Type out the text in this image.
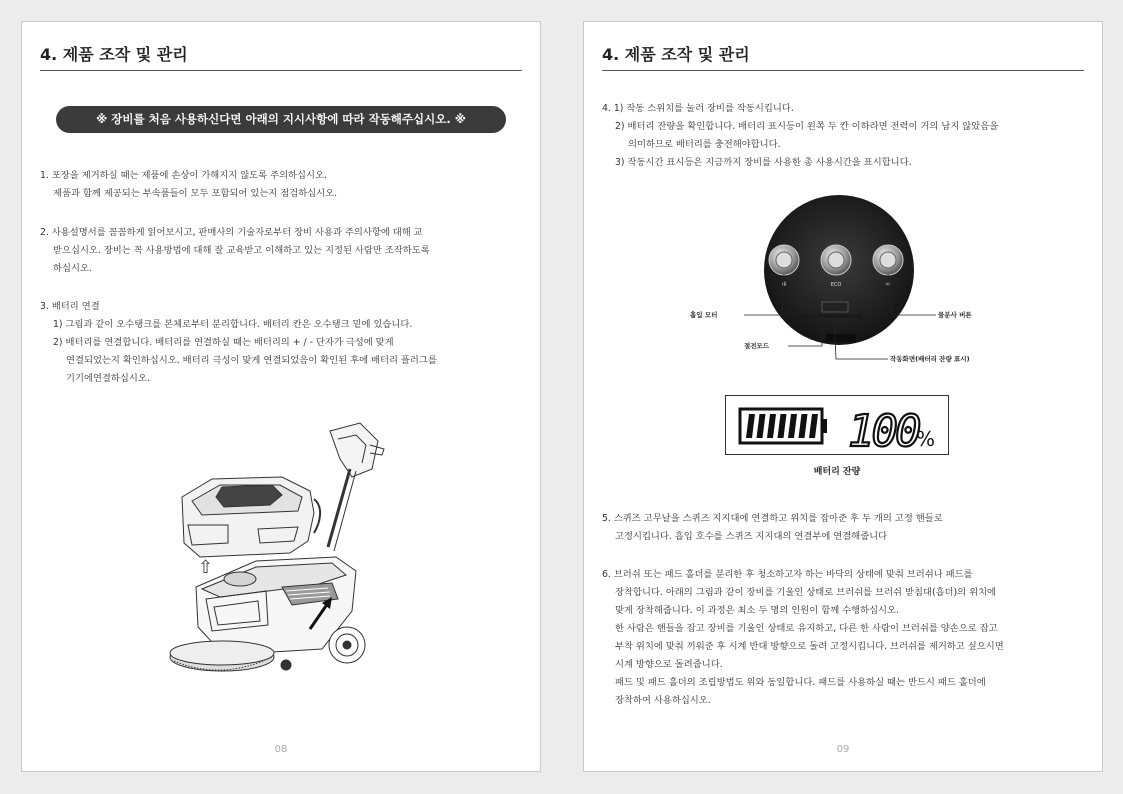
4. 제품 조작 및 관리
※ 장비를 처음 사용하신다면 아래의 지시사항에 따라 작동해주십시오. ※
1. 포장을 제거하실 때는 제품에 손상이 가해지지 않도록 주의하십시오.
제품과 함께 제공되는 부속품들이 모두 포함되어 있는지 점검하십시오.
2. 사용설명서를 꼼꼼하게 읽어보시고, 판매사의 기술자로부터 장비 사용과 주의사항에 대해 교
받으십시오. 장비는 꼭 사용방법에 대해 잘 교육받고 이해하고 있는 지정된 사람만 조작하도록
하십시오.
3. 배터리 연결
1) 그림과 같이 오수탱크를 본체로부터 분리합니다. 배터리 칸은 오수탱크 밑에 있습니다.
2) 배터리를 연결합니다. 배터리를 연결하실 때는 배터리의 + / - 단자가 극성에 맞게
연결되었는지 확인하십시오. 배터리 극성이 맞게 연결되었음이 확인된 후에 배터리 플러그를
기기에연결하십시오.
⇧
08
4. 제품 조작 및 관리
4. 1) 작동 스위치를 눌러 장비를 작동시킵니다.
2) 배터리 잔량을 확인합니다. 배터리 표시등이 왼쪽 두 칸 이하라면 전력이 거의 남지 않았음을
의미하므로 배터리를 충전해야합니다.
3) 작동시간 표시등은 지금까지 장비를 사용한 총 사용시간을 표시합니다.
✲	ECO	♒
흡입 모터	물분사 버튼
절전모드
작동화면(배터리 잔량 표시)
100
%
배터리 잔량
5. 스퀴즈 고무날을 스퀴즈 지지대에 연결하고 위치를 잡아준 후 두 개의 고정 핸들로
고정시킵니다. 흡입 호수를 스퀴즈 지지대의 연결부에 연결해줍니다
6. 브러쉬 또는 패드 홀더를 분리한 후 청소하고자 하는 바닥의 상태에 맞춰 브러쉬나 패드를
장착합니다. 아래의 그림과 같이 장비를 기울인 상태로 브러쉬를 브러쉬 받침대(흡더)의 위치에
맞게 장착해줍니다. 이 과정은 최소 두 명의 인원이 함께 수행하십시오.
한 사람은 핸들을 잡고 장비를 기울인 상태로 유지하고, 다른 한 사람이 브러쉬를 양손으로 잡고
부착 위치에 맞춰 끼워준 후 시계 반대 방향으로 돌려 고정시킵니다. 브러쉬를 제거하고 싶으시면
시계 방향으로 돌려줍니다.
패드 및 패드 홀더의 조립방법도 위와 동일합니다. 패드를 사용하실 때는 반드시 패드 홀더에
장착하여 사용하십시오.
09
